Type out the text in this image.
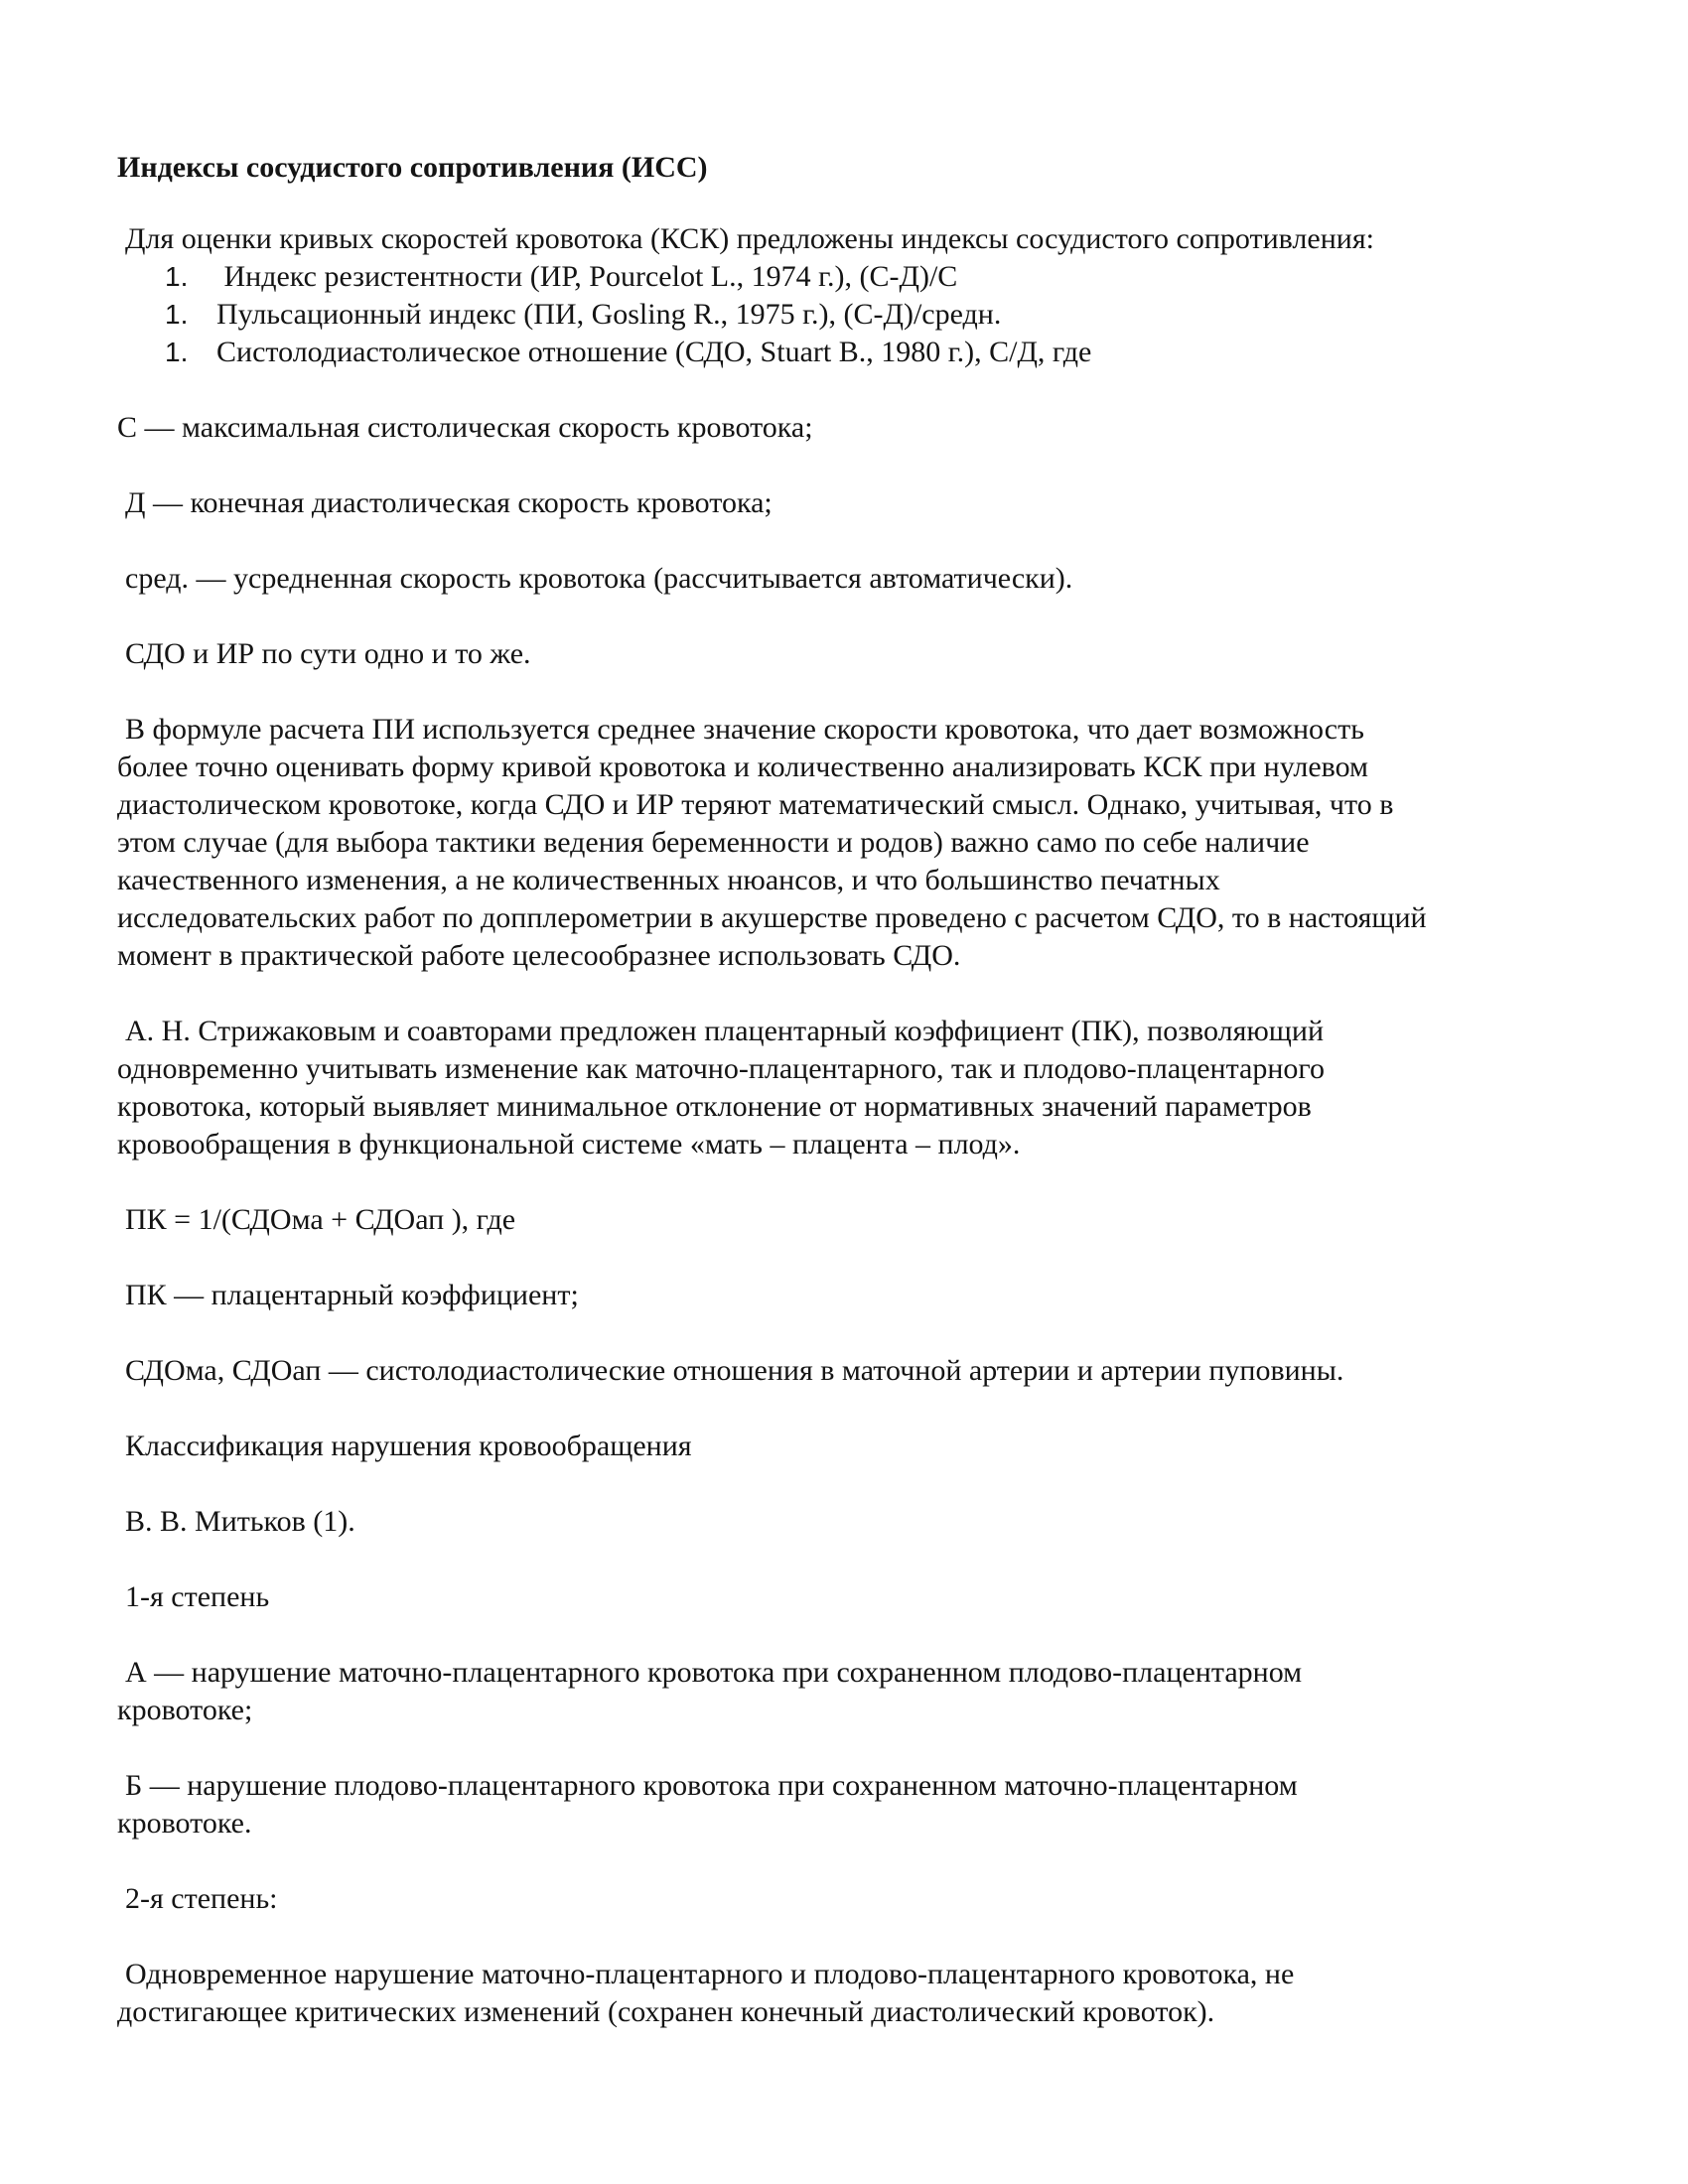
Индексы сосудистого сопротивления (ИСС)
Для оценки кривых скоростей кровотока (КСК) предложены индексы сосудистого сопротивления:
1. Индекс резистентности (ИР, Pourcelot L., 1974 г.), (С-Д)/С
1. Пульсационный индекс (ПИ, Gosling R., 1975 г.), (С-Д)/средн.
1. Систолодиастолическое отношение (СДО, Stuart B., 1980 г.), С/Д, где
С — максимальная систолическая скорость кровотока;
Д — конечная диастолическая скорость кровотока;
сред. — усредненная скорость кровотока (рассчитывается автоматически).
СДО и ИР по сути одно и то же.
В формуле расчета ПИ используется среднее значение скорости кровотока, что дает возможность
более точно оценивать форму кривой кровотока и количественно анализировать КСК при нулевом
диастолическом кровотоке, когда СДО и ИР теряют математический смысл. Однако, учитывая, что в
этом случае (для выбора тактики ведения беременности и родов) важно само по себе наличие
качественного изменения, а не количественных нюансов, и что большинство печатных
исследовательских работ по допплерометрии в акушерстве проведено с расчетом СДО, то в настоящий
момент в практической работе целесообразнее использовать СДО.
А. Н. Стрижаковым и соавторами предложен плацентарный коэффициент (ПК), позволяющий
одновременно учитывать изменение как маточно-плацентарного, так и плодово-плацентарного
кровотока, который выявляет минимальное отклонение от нормативных значений параметров
кровообращения в функциональной системе «мать – плацента – плод».
ПК = 1/(СДОма + СДОап ), где
ПК — плацентарный коэффициент;
СДОма, СДОап — систолодиастолические отношения в маточной артерии и артерии пуповины.
Классификация нарушения кровообращения
В. В. Митьков (1).
1-я степень
А — нарушение маточно-плацентарного кровотока при сохраненном плодово-плацентарном
кровотоке;
Б — нарушение плодово-плацентарного кровотока при сохраненном маточно-плацентарном
кровотоке.
2-я степень:
Одновременное нарушение маточно-плацентарного и плодово-плацентарного кровотока, не
достигающее критических изменений (сохранен конечный диастолический кровоток).
